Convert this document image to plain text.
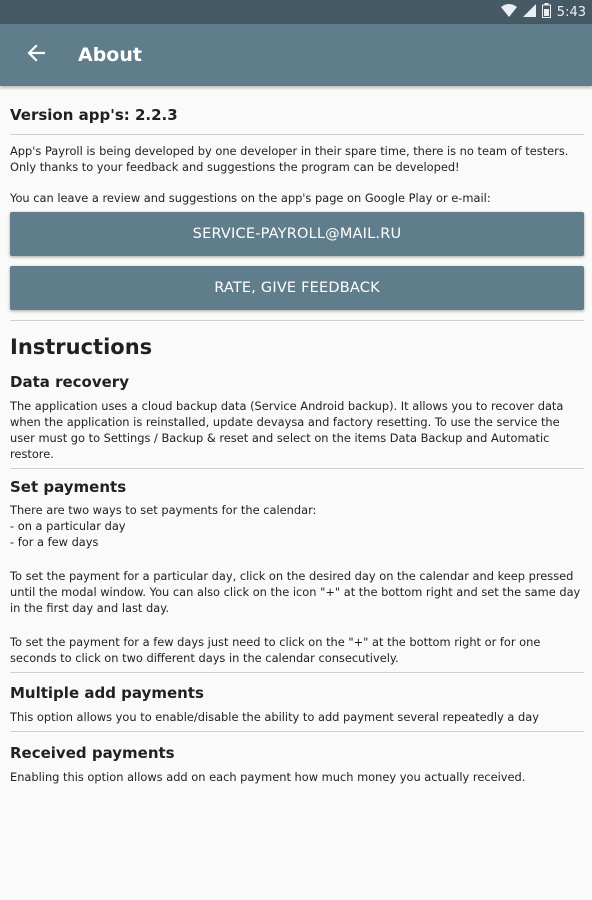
5:43
About
Version app's: 2.2.3

App's Payroll is being developed by one developer in their spare time, there is no team of testers. Only thanks to your feedback and suggestions the program can be developed!

You can leave a review and suggestions on the app's page on Google Play or e-mail:

SERVICE-PAYROLL@MAIL.RU
RATE, GIVE FEEDBACK
Instructions
Data recovery

The application uses a cloud backup data (Service Android backup). It allows you to recover data when the application is reinstalled, update devaysa and factory resetting. To use the service the user must go to Settings / Backup & reset and select on the items Data Backup and Automatic restore.

Set payments

There are two ways to set payments for the calendar:

- on a particular day

- for a few days

To set the payment for a particular day, click on the desired day on the calendar and keep pressed until the modal window. You can also click on the icon "+" at the bottom right and set the same day in the first day and last day.

To set the payment for a few days just need to click on the "+" at the bottom right or for one seconds to click on two different days in the calendar consecutively.

Multiple add payments

This option allows you to enable/disable the ability to add payment several repeatedly a day

Received payments

Enabling this option allows add on each payment how much money you actually received.
